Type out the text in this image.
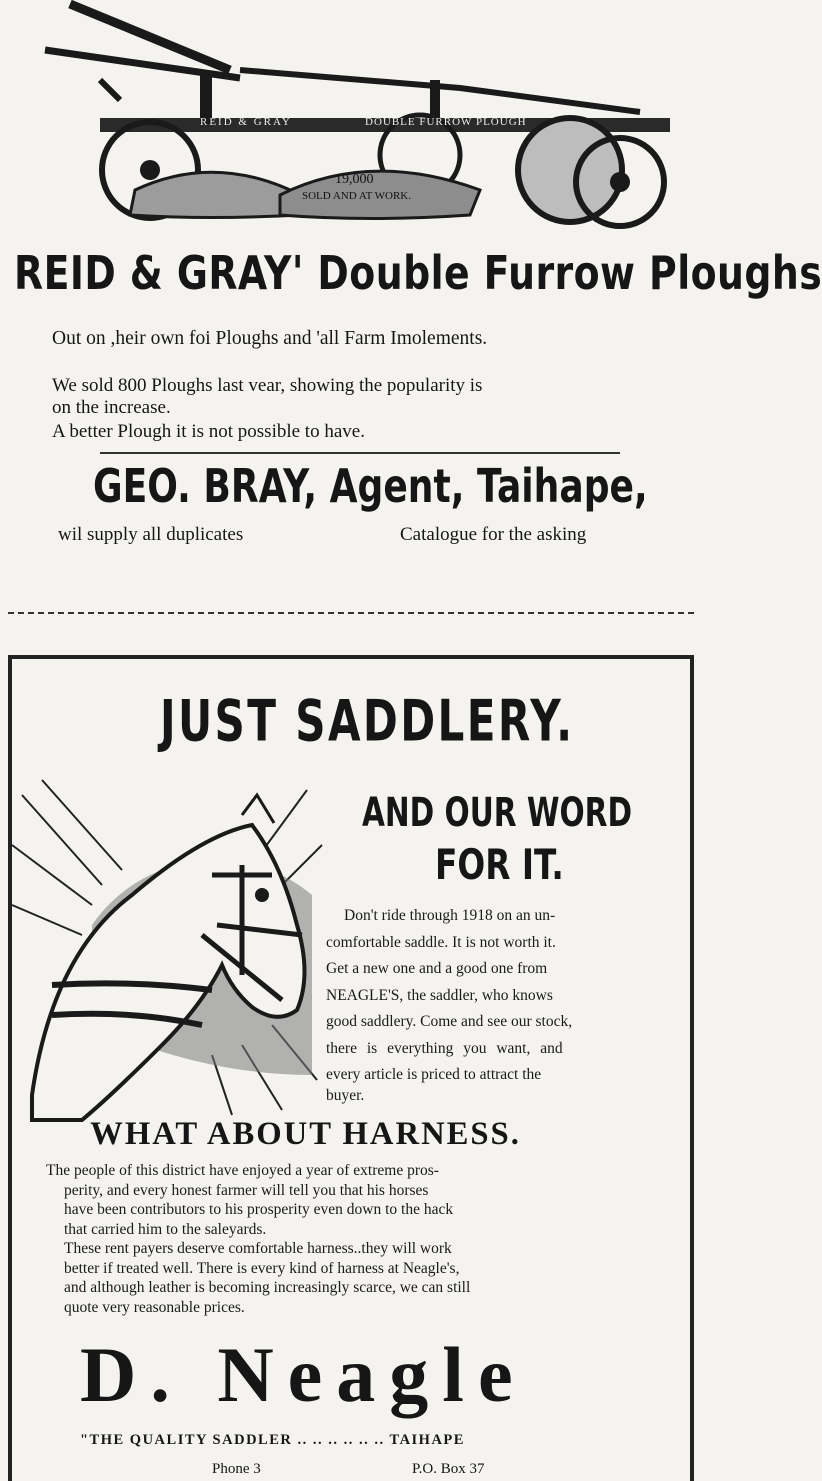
REID & GRAY	DOUBLE FURROW PLOUGH
19,000
SOLD AND AT WORK.
REID & GRAY' Double Furrow Ploughs
Out on ,heir own foi Ploughs and 'all Farm Imolements.
We sold 800 Ploughs last vear, showing the popularity is
on the increase.
A better Plough it is not possible to have.
GEO. BRAY, Agent, Taihape,
wil supply all duplicates	Catalogue for the asking
JUST SADDLERY.
AND OUR WORD
FOR IT.
Don't ride through 1918 on an un-
comfortable saddle. It is not worth it.
Get a new one and a good one from
NEAGLE'S, the saddler, who knows
good saddlery. Come and see our stock,
there is everything you want, and
every article is priced to attract the
buyer.
WHAT ABOUT HARNESS.
The people of this district have enjoyed a year of extreme pros-
perity, and every honest farmer will tell you that his horses
have been contributors to his prosperity even down to the hack
that carried him to the saleyards.
These rent payers deserve comfortable harness..they will work
better if treated well. There is every kind of harness at Neagle's,
and although leather is becoming increasingly scarce, we can still
quote very reasonable prices.
D. Neagle
"THE QUALITY SADDLER .. .. .. .. .. .. TAIHAPE
Phone 3	P.O. Box 37
